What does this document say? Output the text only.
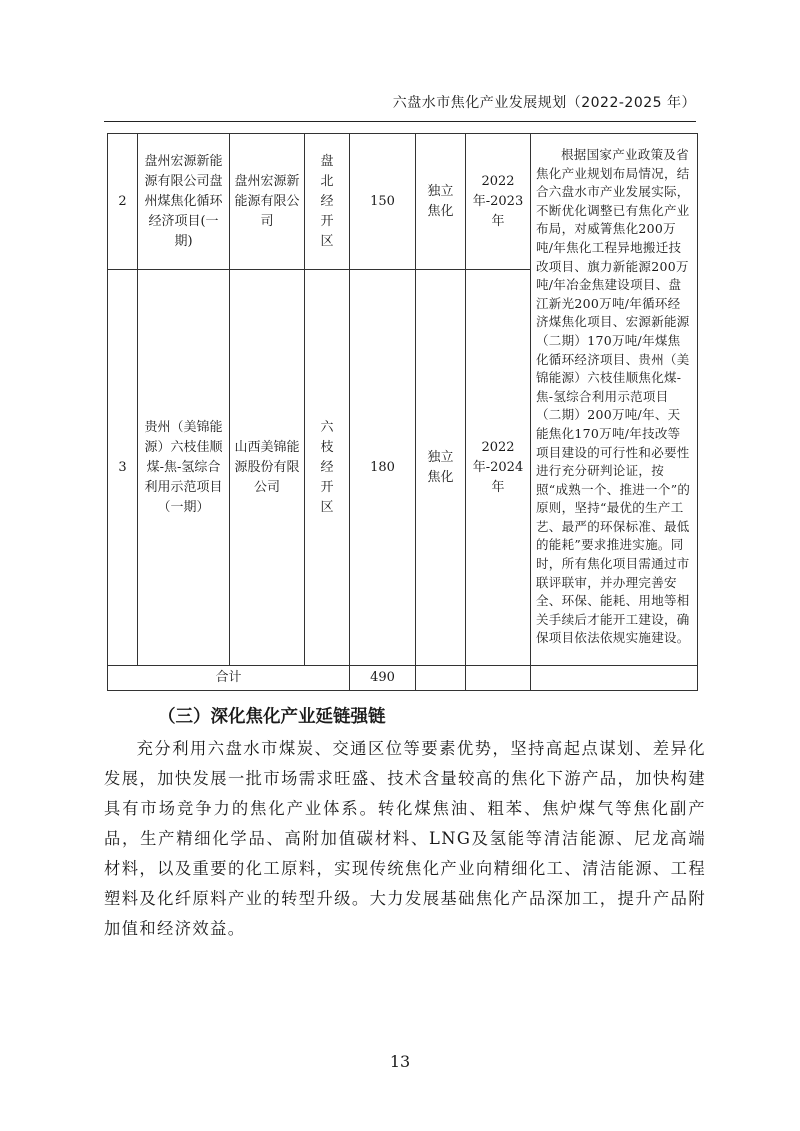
六盘水市焦化产业发展规划（2022-2025 年）
2	盘州宏源新能源有限公司盘州煤焦化循环经济项目(一期)	盘州宏源新能源有限公司	盘北经开区	150	独立焦化	2022 年-2023 年	根据国家产业政策及省焦化产业规划布局情况，结合六盘水市产业发展实际，不断优化调整已有焦化产业布局，对威箐焦化200万吨/年焦化工程异地搬迁技改项目、旗力新能源200万吨/年冶金焦建设项目、盘江新光200万吨/年循环经济煤焦化项目、宏源新能源（二期）170万吨/年煤焦化循环经济项目、贵州（美锦能源）六枝佳顺焦化煤-焦-氢综合利用示范项目（二期）200万吨/年、天能焦化170万吨/年技改等项目建设的可行性和必要性进行充分研判论证，按照“成熟一个、推进一个”的原则，坚持“最优的生产工艺、最严的环保标准、最低的能耗”要求推进实施。同时，所有焦化项目需通过市联评联审，并办理完善安全、环保、能耗、用地等相关手续后才能开工建设，确保项目依法依规实施建设。
3	贵州（美锦能源）六枝佳顺煤-焦-氢综合利用示范项目（一期）	山西美锦能源股份有限公司	六枝经开区	180	独立焦化	2022 年-2024 年	
合计				490			
（三）深化焦化产业延链强链
充分利用六盘水市煤炭、交通区位等要素优势，坚持高起点谋划、差异化发展，加快发展一批市场需求旺盛、技术含量较高的焦化下游产品，加快构建具有市场竞争力的焦化产业体系。转化煤焦油、粗苯、焦炉煤气等焦化副产品，生产精细化学品、高附加值碳材料、LNG及氢能等清洁能源、尼龙高端材料，以及重要的化工原料，实现传统焦化产业向精细化工、清洁能源、工程塑料及化纤原料产业的转型升级。大力发展基础焦化产品深加工，提升产品附加值和经济效益。
13
